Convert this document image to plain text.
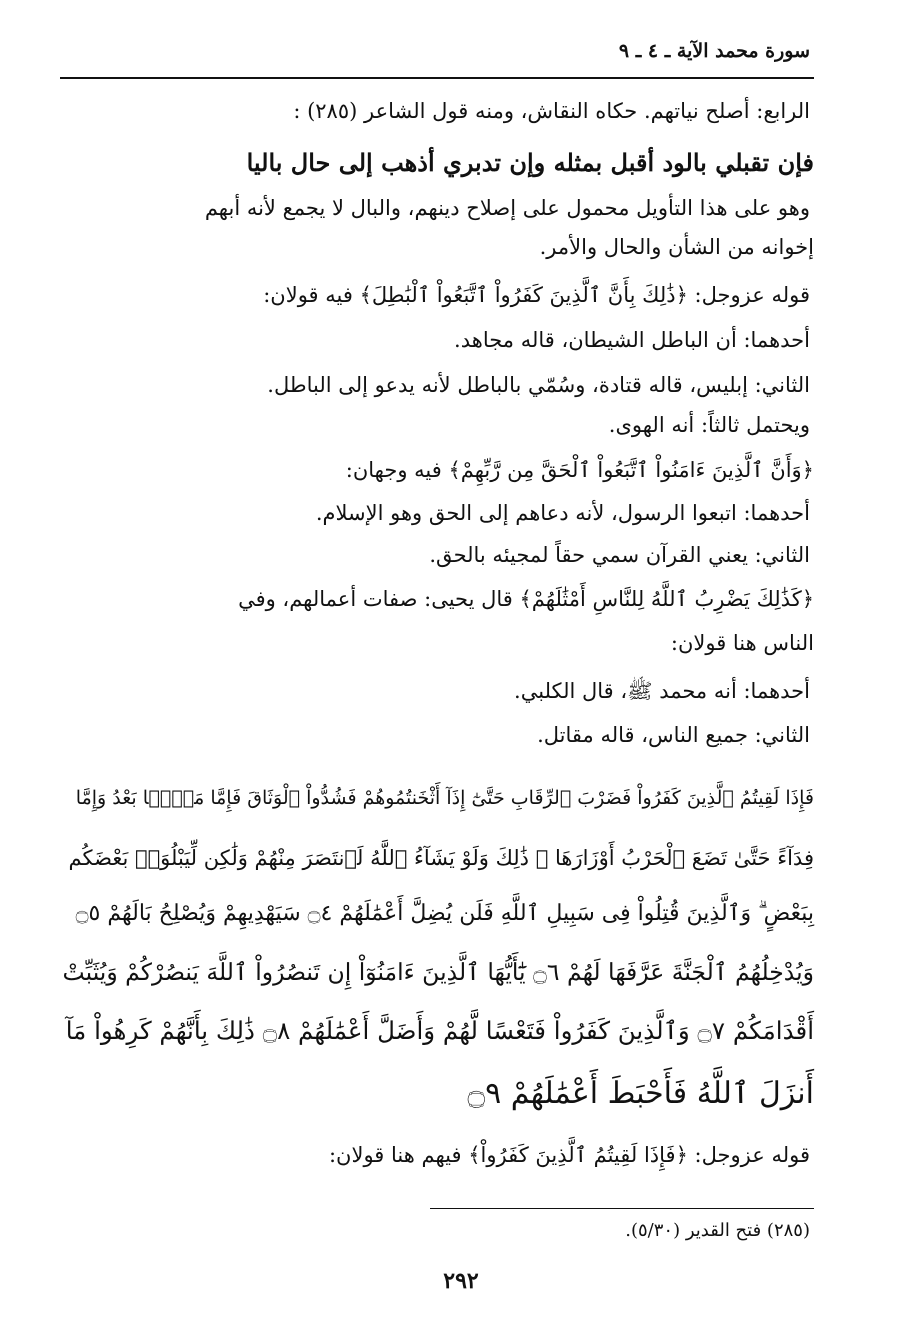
سورة محمد الآية ـ ٤ ـ ٩
الرابع: أصلح نياتهم. حكاه النقاش، ومنه قول الشاعر (٢٨٥) :
فإن تقبلي بالود أقبل بمثله وإن تدبري أذهب إلى حال باليا
وهو على هذا التأويل محمول على إصلاح دينهم، والبال لا يجمع لأنه أبهم
إخوانه من الشأن والحال والأمر.
قوله عزوجل: ﴿ذَٰلِكَ بِأَنَّ ٱلَّذِينَ كَفَرُواْ ٱتَّبَعُواْ ٱلْبَٰطِلَ﴾ فيه قولان:
أحدهما: أن الباطل الشيطان، قاله مجاهد.
الثاني: إبليس، قاله قتادة، وسُمّي بالباطل لأنه يدعو إلى الباطل.
ويحتمل ثالثاً: أنه الهوى.
﴿وَأَنَّ ٱلَّذِينَ ءَامَنُواْ ٱتَّبَعُواْ ٱلْحَقَّ مِن رَّبِّهِمْ﴾ فيه وجهان:
أحدهما: اتبعوا الرسول، لأنه دعاهم إلى الحق وهو الإسلام.
الثاني: يعني القرآن سمي حقاً لمجيئه بالحق.
﴿كَذَٰلِكَ يَضْرِبُ ٱللَّهُ لِلنَّاسِ أَمْثَٰلَهُمْ﴾ قال يحيى: صفات أعمالهم، وفي
الناس هنا قولان:
أحدهما: أنه محمد ﷺ، قال الكلبي.
الثاني: جميع الناس، قاله مقاتل.
فَإِذَا لَقِيتُمُ ٱلَّذِينَ كَفَرُواْ فَضَرْبَ ٱلرِّقَابِ حَتَّىٰٓ إِذَآ أَثْخَنتُمُوهُمْ فَشُدُّواْ ٱلْوَثَاقَ فَإِمَّا مَنًّۢا بَعْدُ وَإِمَّا
فِدَآءً حَتَّىٰ تَضَعَ ٱلْحَرْبُ أَوْزَارَهَا ۚ ذَٰلِكَ وَلَوْ يَشَآءُ ٱللَّهُ لَٱنتَصَرَ مِنْهُمْ وَلَٰكِن لِّيَبْلُوَا۟ بَعْضَكُم
بِبَعْضٍ ۗ وَٱلَّذِينَ قُتِلُواْ فِى سَبِيلِ ٱللَّهِ فَلَن يُضِلَّ أَعْمَٰلَهُمْ ۝٤ سَيَهْدِيهِمْ وَيُصْلِحُ بَالَهُمْ ۝٥
وَيُدْخِلُهُمُ ٱلْجَنَّةَ عَرَّفَهَا لَهُمْ ۝٦ يَٰٓأَيُّهَا ٱلَّذِينَ ءَامَنُوٓاْ إِن تَنصُرُواْ ٱللَّهَ يَنصُرْكُمْ وَيُثَبِّتْ
أَقْدَامَكُمْ ۝٧ وَٱلَّذِينَ كَفَرُواْ فَتَعْسًا لَّهُمْ وَأَضَلَّ أَعْمَٰلَهُمْ ۝٨ ذَٰلِكَ بِأَنَّهُمْ كَرِهُواْ مَآ
أَنزَلَ ٱللَّهُ فَأَحْبَطَ أَعْمَٰلَهُمْ ۝٩
قوله عزوجل: ﴿فَإِذَا لَقِيتُمُ ٱلَّذِينَ كَفَرُواْ﴾ فيهم هنا قولان:
(٢٨٥) فتح القدير (٥/٣٠).
٢٩٢
